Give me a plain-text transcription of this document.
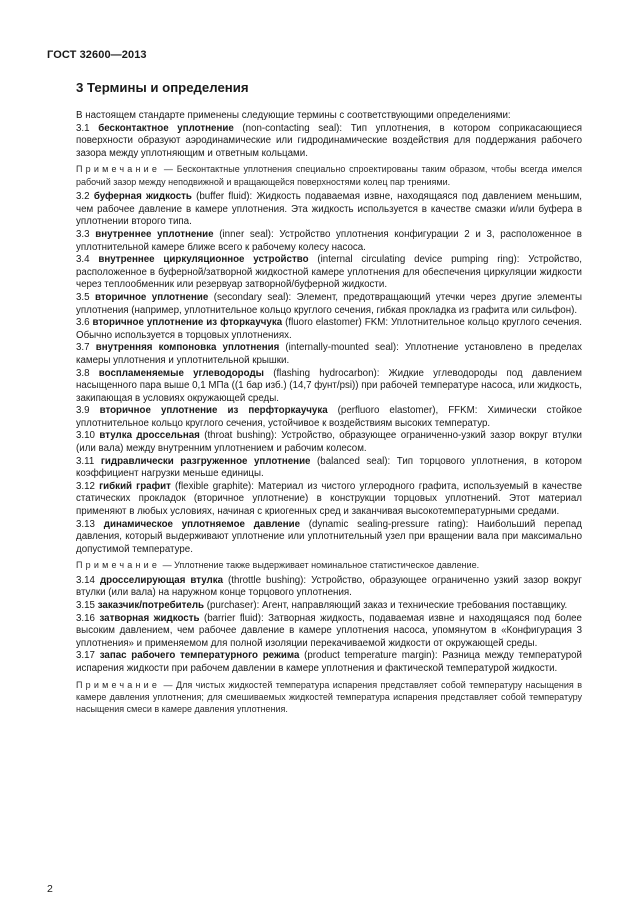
ГОСТ 32600—2013
3 Термины и определения

В настоящем стандарте применены следующие термины с соответствующими определениями:

3.1 бесконтактное уплотнение (non-contacting seal): Тип уплотнения, в котором соприкасающиеся поверхности образуют аэродинамические или гидродинамические воздействия для поддержания рабочего зазора между уплотняющим и ответным кольцами.

Примечание — Бесконтактные уплотнения специально спроектированы таким образом, чтобы всегда имелся рабочий зазор между неподвижной и вращающейся поверхностями колец пар трениями.

3.2 буферная жидкость (buffer fluid): Жидкость подаваемая извне, находящаяся под давлением меньшим, чем рабочее давление в камере уплотнения. Эта жидкость используется в качестве смазки и/или буфера в уплотнении второго типа.

3.3 внутреннее уплотнение (inner seal): Устройство уплотнения конфигурации 2 и 3, расположенное в уплотнительной камере ближе всего к рабочему колесу насоса.

3.4 внутреннее циркуляционное устройство (internal circulating device pumping ring): Устройство, расположенное в буферной/затворной жидкостной камере уплотнения для обеспечения циркуляции жидкости через теплообменник или резервуар затворной/буферной жидкости.

3.5 вторичное уплотнение (secondary seal): Элемент, предотвращающий утечки через другие элементы уплотнения (например, уплотнительное кольцо круглого сечения, гибкая прокладка из графита или сильфон).

3.6 вторичное уплотнение из фторкаучука (fluoro elastomer) FKM: Уплотнительное кольцо круглого сечения. Обычно используется в торцовых уплотнениях.

3.7 внутренняя компоновка уплотнения (internally-mounted seal): Уплотнение установлено в пределах камеры уплотнения и уплотнительной крышки.

3.8 воспламеняемые углеводороды (flashing hydrocarbon): Жидкие углеводороды под давлением насыщенного пара выше 0,1 МПа ((1 бар изб.) (14,7 фунт/psi)) при рабочей температуре насоса, или жидкость, закипающая в условиях окружающей среды.

3.9 вторичное уплотнение из перфторкаучука (perfluoro elastomer), FFKM: Химически стойкое уплотнительное кольцо круглого сечения, устойчивое к воздействиям высоких температур.

3.10 втулка дроссельная (throat bushing): Устройство, образующее ограниченно-узкий зазор вокруг втулки (или вала) между внутренним уплотнением и рабочим колесом.

3.11 гидравлически разгруженное уплотнение (balanced seal): Тип торцового уплотнения, в котором коэффициент нагрузки меньше единицы.

3.12 гибкий графит (flexible graphite): Материал из чистого углеродного графита, используемый в качестве статических прокладок (вторичное уплотнение) в конструкции торцовых уплотнений. Этот материал применяют в любых условиях, начиная с криогенных сред и заканчивая высокотемпературными средами.

3.13 динамическое уплотняемое давление (dynamic sealing-pressure rating): Наибольший перепад давления, который выдерживают уплотнение или уплотнительный узел при вращении вала при максимально допустимой температуре.

Примечание — Уплотнение также выдерживает номинальное статистическое давление.

3.14 дросселирующая втулка (throttle bushing): Устройство, образующее ограниченно узкий зазор вокруг втулки (или вала) на наружном конце торцового уплотнения.

3.15 заказчик/потребитель (purchaser): Агент, направляющий заказ и технические требования поставщику.

3.16 затворная жидкость (barrier fluid): Затворная жидкость, подаваемая извне и находящаяся под более высоким давлением, чем рабочее давление в камере уплотнения насоса, упомянутом в «Конфигурация 3 уплотнения» и применяемом для полной изоляции перекачиваемой жидкости от окружающей среды.

3.17 запас рабочего температурного режима (product temperature margin): Разница между температурой испарения жидкости при рабочем давлении в камере уплотнения и фактической температурой жидкости.

Примечание — Для чистых жидкостей температура испарения представляет собой температуру насыщения в камере давления уплотнения; для смешиваемых жидкостей температура испарения представляет собой температуру насыщения смеси в камере давления уплотнения.

2
